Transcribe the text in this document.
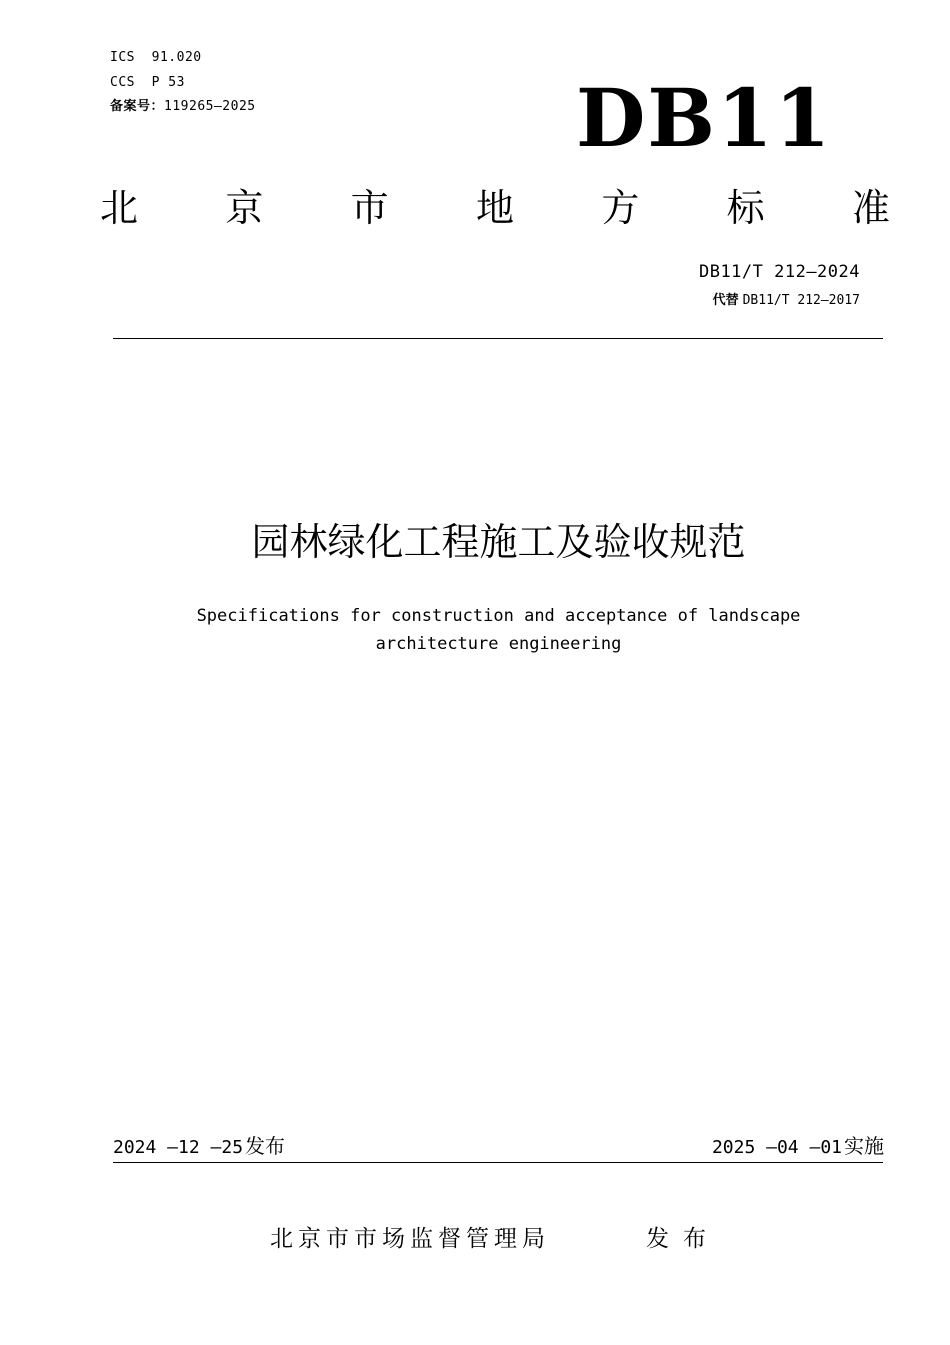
ICS 91.020
CCS P 53
备案号：119265—2025	DB11
北 京 市 地 方 标 准
DB11/T 212—2024
代替 DB11/T 212—2017
园林绿化工程施工及验收规范
Specifications for construction and acceptance of landscape
architecture engineering
2024 —12 —25 发布	2025 —04 —01 实施
北京市市场监督管理局	发布
